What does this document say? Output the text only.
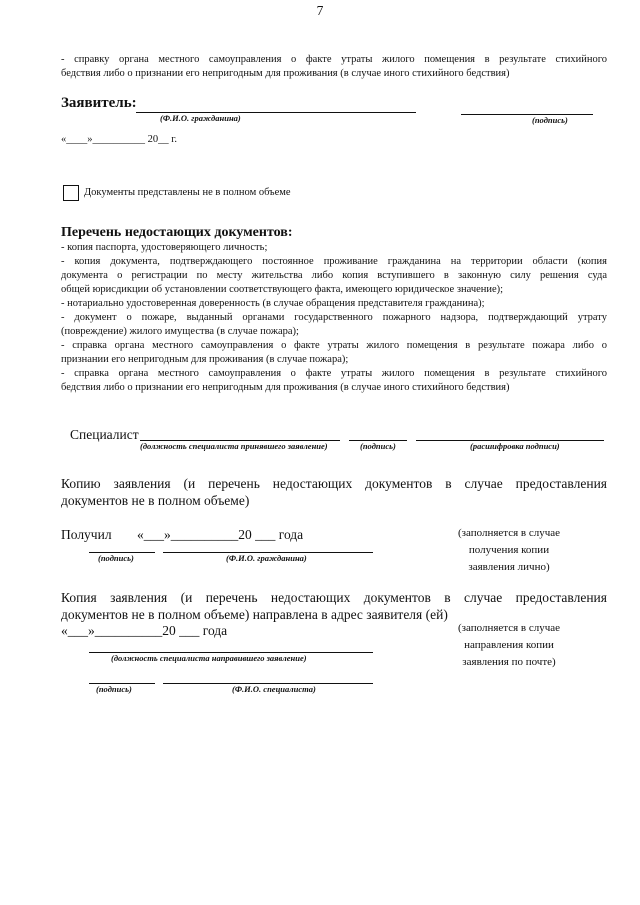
7

- справку органа местного самоуправления о факте утраты жилого помещения в результате стихийного

бедствия либо о признании его непригодным для проживания (в случае иного стихийного бедствия)

Заявитель:
(Ф.И.О. гражданина)	(подпись)
«____»__________ 20__ г.
Документы представлены не в полном объеме
Перечень недостающих документов:

- копия паспорта, удостоверяющего личность;

- копия документа, подтверждающего постоянное проживание гражданина на территории области (копия

документа о регистрации по месту жительства либо копия вступившего в законную силу решения суда

общей юрисдикции об установлении соответствующего факта, имеющего юридическое значение);

- нотариально удостоверенная доверенность (в случае обращения представителя гражданина);

- документ о пожаре, выданный органами государственного пожарного надзора, подтверждающий утрату

(повреждение) жилого имущества (в случае пожара);

- справка органа местного самоуправления о факте утраты жилого помещения в результате пожара либо о

признании его непригодным для проживания (в случае пожара);

- справка органа местного самоуправления о факте утраты жилого помещения в результате стихийного

бедствия либо о признании его непригодным для проживания (в случае иного стихийного бедствия)

Специалист
(должность специалиста принявшего заявление)	(подпись)	(расшифровка подписи)

Копию заявления (и перечень недостающих документов в случае предоставления

документов не в полном объеме)

Получил «___»__________20 ___ года
(подпись)	(Ф.И.О. гражданина)

(заполняется в случае

получения копии

заявления лично)

Копия заявления (и перечень недостающих документов в случае предоставления

документов не в полном объеме) направлена в адрес заявителя (ей)

«___»__________20 ___ года	(заполняется в случае

направления копии

заявления по почте)

(должность специалиста направившего заявление)
(подпись)	(Ф.И.О. специалиста)
